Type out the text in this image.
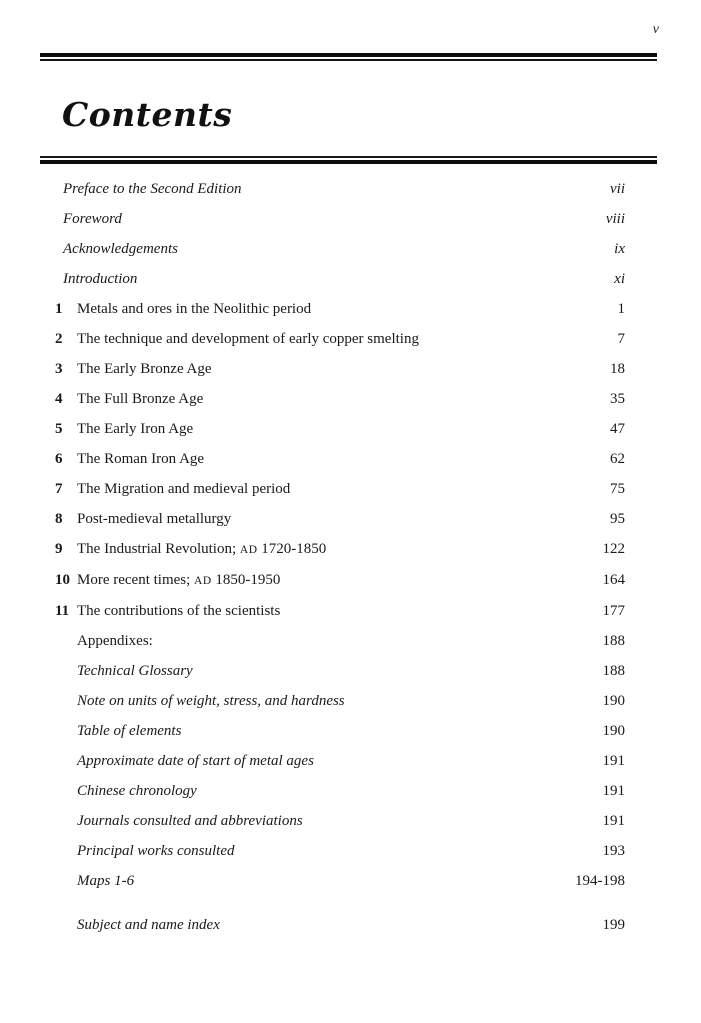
v
Contents
Preface to the Second Edition	vii
Foreword	viii
Acknowledgements	ix
Introduction	xi
1 Metals and ores in the Neolithic period	1
2 The technique and development of early copper smelting	7
3 The Early Bronze Age	18
4 The Full Bronze Age	35
5 The Early Iron Age	47
6 The Roman Iron Age	62
7 The Migration and medieval period	75
8 Post-medieval metallurgy	95
9 The Industrial Revolution; AD 1720-1850	122
10 More recent times; AD 1850-1950	164
11 The contributions of the scientists	177
Appendixes:	188
Technical Glossary	188
Note on units of weight, stress, and hardness	190
Table of elements	190
Approximate date of start of metal ages	191
Chinese chronology	191
Journals consulted and abbreviations	191
Principal works consulted	193
Maps 1-6	194-198
Subject and name index	199
